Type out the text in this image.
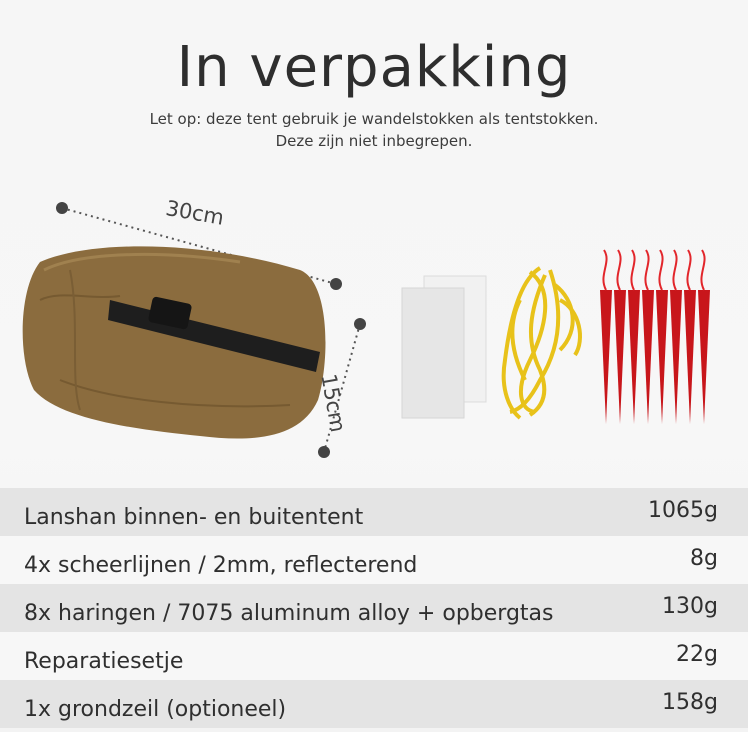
In verpakking
Let op: deze tent gebruik je wandelstokken als tentstokken.
Deze zijn niet inbegrepen.
30cm
15cm
Lanshan binnen- en buitentent	1065g
4x scheerlijnen / 2mm, reflecterend	8g
8x haringen / 7075 aluminum alloy + opbergtas	130g
Reparatiesetje	22g
1x grondzeil (optioneel)	158g
